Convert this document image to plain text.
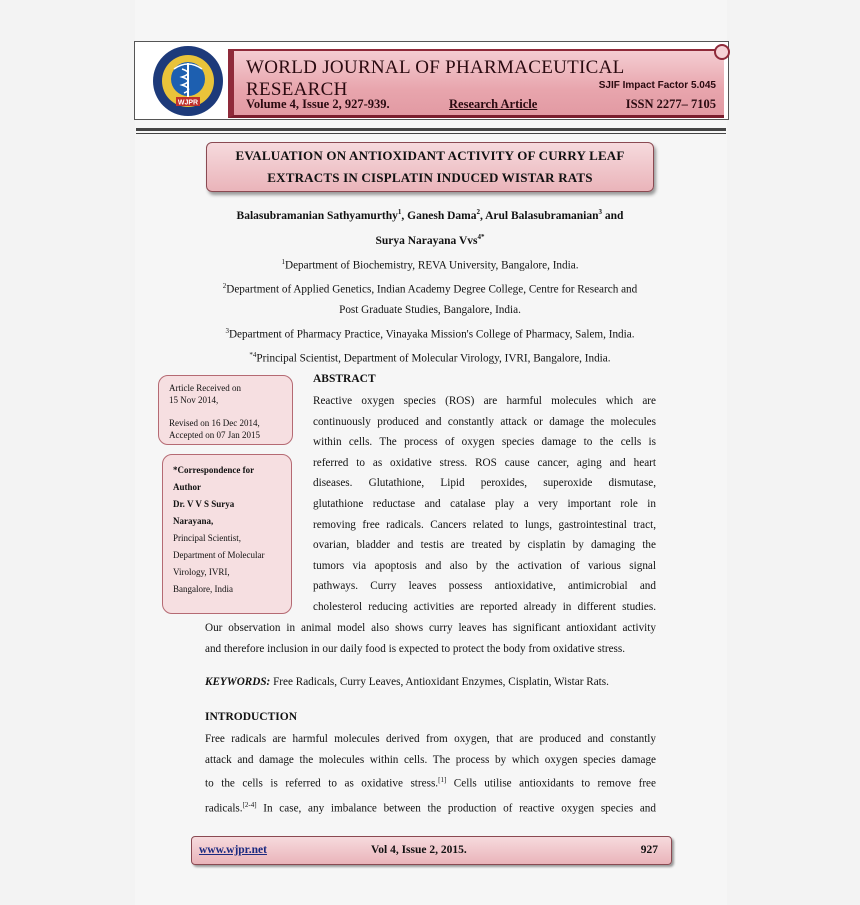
WJPR
WORLD JOURNAL OF PHARMACEUTICAL RESEARCH	SJIF Impact Factor 5.045
Volume 4, Issue 2, 927-939.	Research Article	ISSN 2277– 7105
EVALUATION ON ANTIOXIDANT ACTIVITY OF CURRY LEAF
EXTRACTS IN CISPLATIN INDUCED WISTAR RATS
Balasubramanian Sathyamurthy$^1$, Ganesh Dama$^2$, Arul Balasubramanian$^3$ and
Surya Narayana Vvs$^{4*}$
$^1$Department of Biochemistry, REVA University, Bangalore, India.
$^2$Department of Applied Genetics, Indian Academy Degree College, Centre for Research and
Post Graduate Studies, Bangalore, India.
$^3$Department of Pharmacy Practice, Vinayaka Mission's College of Pharmacy, Salem, India.
$^{*4}$Principal Scientist, Department of Molecular Virology, IVRI, Bangalore, India.
Article Received on
15 Nov 2014,
Revised on 16 Dec 2014,
Accepted on 07 Jan 2015
*Correspondence for
Author
Dr. V V S Surya
Narayana,
Principal Scientist,
Department of Molecular
Virology, IVRI,
Bangalore, India
ABSTRACT
Reactive oxygen species (ROS) are harmful molecules which are
continuously produced and constantly attack or damage the molecules
within cells. The process of oxygen species damage to the cells is
referred to as oxidative stress. ROS cause cancer, aging and heart
diseases. Glutathione, Lipid peroxides, superoxide dismutase,
glutathione reductase and catalase play a very important role in
removing free radicals. Cancers related to lungs, gastrointestinal tract,
ovarian, bladder and testis are treated by cisplatin by damaging the
tumors via apoptosis and also by the activation of various signal
pathways. Curry leaves possess antioxidative, antimicrobial and
cholesterol reducing activities are reported already in different studies.
Our observation in animal model also shows curry leaves has significant antioxidant activity
and therefore inclusion in our daily food is expected to protect the body from oxidative stress.
KEYWORDS: Free Radicals, Curry Leaves, Antioxidant Enzymes, Cisplatin, Wistar Rats.
INTRODUCTION
Free radicals are harmful molecules derived from oxygen, that are produced and constantly
attack and damage the molecules within cells. The process by which oxygen species damage
to the cells is referred to as oxidative stress.[1] Cells utilise antioxidants to remove free
radicals.[2-4] In case, any imbalance between the production of reactive oxygen species and
www.wjpr.net	Vol 4, Issue 2, 2015.	927
